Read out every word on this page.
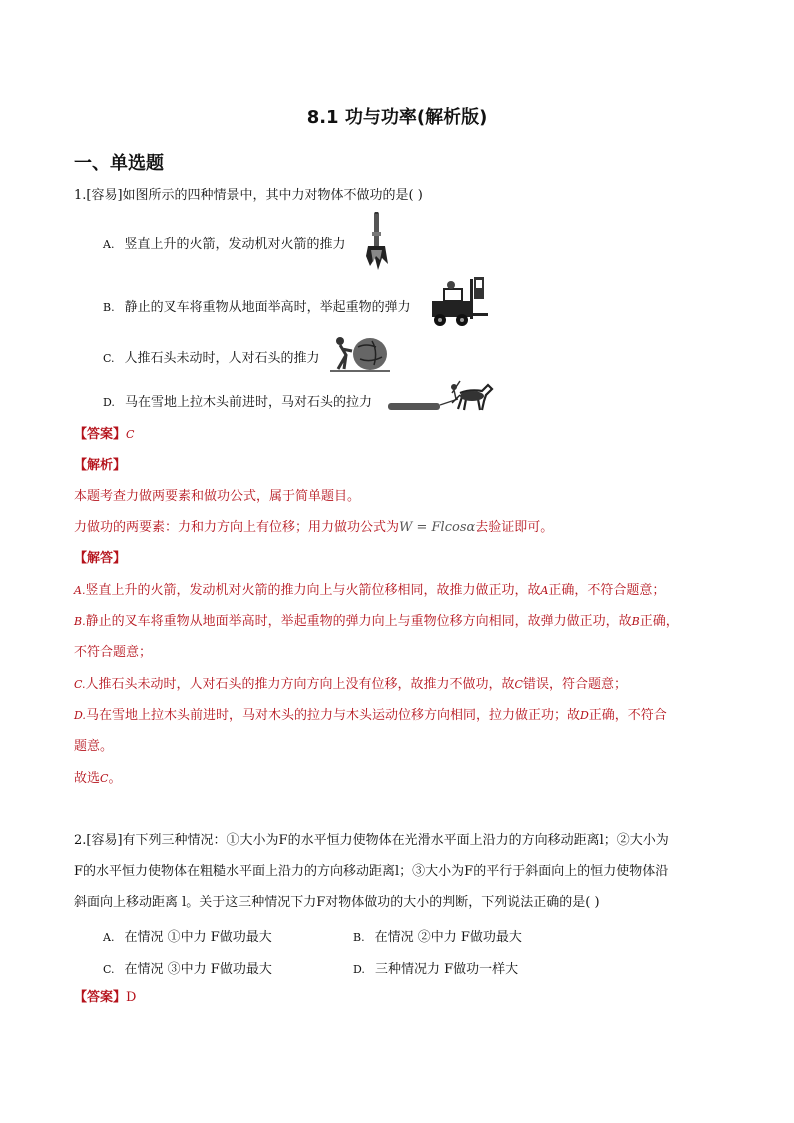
8.1 功与功率(解析版)
一、单选题
1.[容易]如图所示的四种情景中，其中力对物体不做功的是( )
A. 竖直上升的火箭，发动机对火箭的推力
B. 静止的叉车将重物从地面举高时，举起重物的弹力
C. 人推石头未动时，人对石头的推力
D. 马在雪地上拉木头前进时，马对石头的拉力
【答案】C
【解析】
本题考查力做两要素和做功公式，属于简单题目。
力做功的两要素：力和力方向上有位移；用力做功公式为W = Flcosα去验证即可。
【解答】
A.竖直上升的火箭，发动机对火箭的推力向上与火箭位移相同，故推力做正功，故A正确，不符合题意；
B.静止的叉车将重物从地面举高时，举起重物的弹力向上与重物位移方向相同，故弹力做正功，故B正确，
不符合题意；
C.人推石头未动时，人对石头的推力方向方向上没有位移，故推力不做功，故C错误，符合题意；
D.马在雪地上拉木头前进时，马对木头的拉力与木头运动位移方向相同，拉力做正功；故D正确，不符合
题意。
故选C。
2.[容易]有下列三种情况：①大小为F的水平恒力使物体在光滑水平面上沿力的方向移动距离l；②大小为
F的水平恒力使物体在粗糙水平面上沿力的方向移动距离l；③大小为F的平行于斜面向上的恒力使物体沿
斜面向上移动距离 l。关于这三种情况下力F对物体做功的大小的判断，下列说法正确的是( )
A. 在情况 ①中力 F做功最大	B. 在情况 ②中力 F做功最大
C. 在情况 ③中力 F做功最大	D. 三种情况力 F做功一样大
【答案】D
